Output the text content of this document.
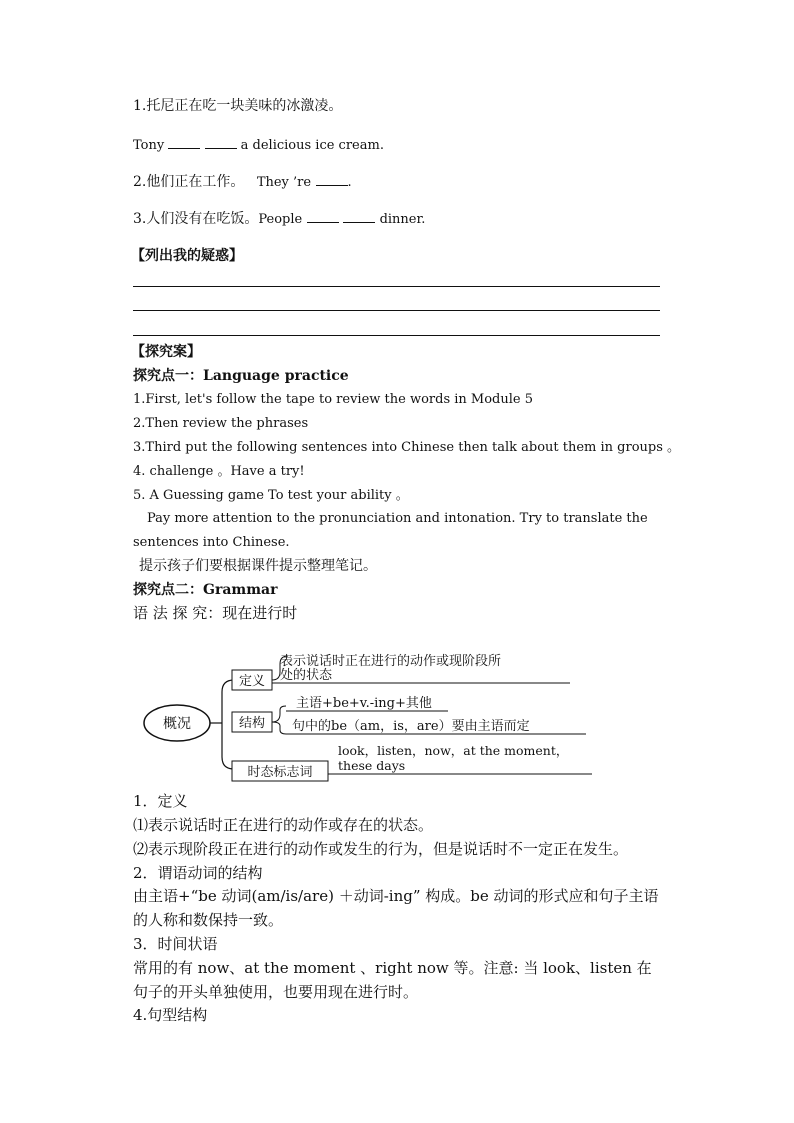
1.托尼正在吃一块美味的冰激凌。
Tony	a delicious ice cream.
2.他们正在工作。 They ’re	.
3.人们没有在吃饭。People	dinner.
【列出我的疑惑】
【探究案】
探究点一：Language practice
1.First, let's follow the tape to review the words in Module 5
2.Then review the phrases
3.Third put the following sentences into Chinese then talk about them in groups 。
4. challenge 。Have a try!
5. A Guessing game To test your ability 。
Pay more attention to the pronunciation and intonation. Try to translate the
sentences into Chinese.
提示孩子们要根据课件提示整理笔记。
探究点二：Grammar
语 法 探 究：现在进行时
概况
定义
表示说话时正在进行的动作或现阶段所
处的状态
结构
主语+be+v.-ing+其他
句中的be（am，is，are）要由主语而定
时态标志词
look，listen，now，at the moment，
these days
1．定义
⑴表示说话时正在进行的动作或存在的状态。
⑵表示现阶段正在进行的动作或发生的行为，但是说话时不一定正在发生。
2．谓语动词的结构
由主语+“be 动词(am/is/are) ＋动词-ing” 构成。be 动词的形式应和句子主语的人称和数保持一致。
3．时间状语
常用的有 now、at the moment 、right now 等。注意: 当 look、listen 在句子的开头单独使用，也要用现在进行时。
4.句型结构
